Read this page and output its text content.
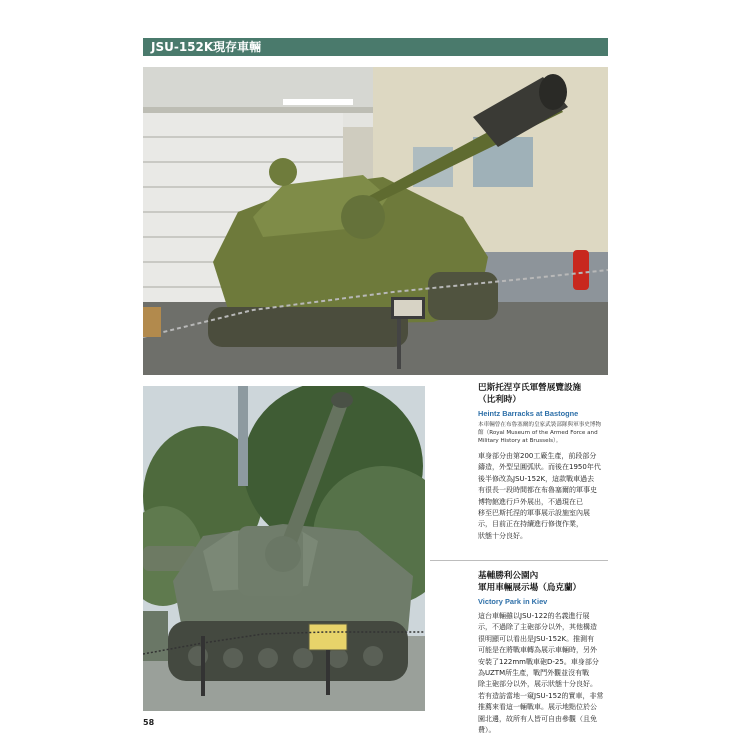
JSU-152K現存車輛
巴斯托涅亨氏軍營展覽設施
（比利時）
Heintz Barracks at Bastogne
本車輛曾在布魯塞爾的皇家武裝部隊與軍事史博物
館（Royal Museum of the Armed Force and
Military History at Brussels）。
車身部分由第200工廠生產，前段部分
鑄造，外型呈圓弧狀。而後在1950年代
後半修改為JSU-152K，這款戰車過去
有很長一段時間都在布魯塞爾的軍事史
博物館進行戶外展出，不過現在已
移至巴斯托涅的軍事展示設施室內展
示，目前正在持續進行修復作業，
狀態十分良好。
基輔勝利公園內
軍用車輛展示場（烏克蘭）
Victory Park in Kiev
這台車輛雖以JSU-122的名義進行展
示，不過除了主砲部分以外，其他構造
很明顯可以看出是JSU-152K。推測有
可能是在將戰車轉為展示車輛時，另外
安裝了122mm戰車砲D-25。車身部分
為UZTM所生產，戰鬥外觀並沒有戰
除主砲部分以外，展示狀態十分良好。
若有造訪當地一窺JSU-152的實車，非常
推薦來看這一輛戰車。展示地點位於公
園北邊，故所有人皆可自由參觀（且免
費）。
58
